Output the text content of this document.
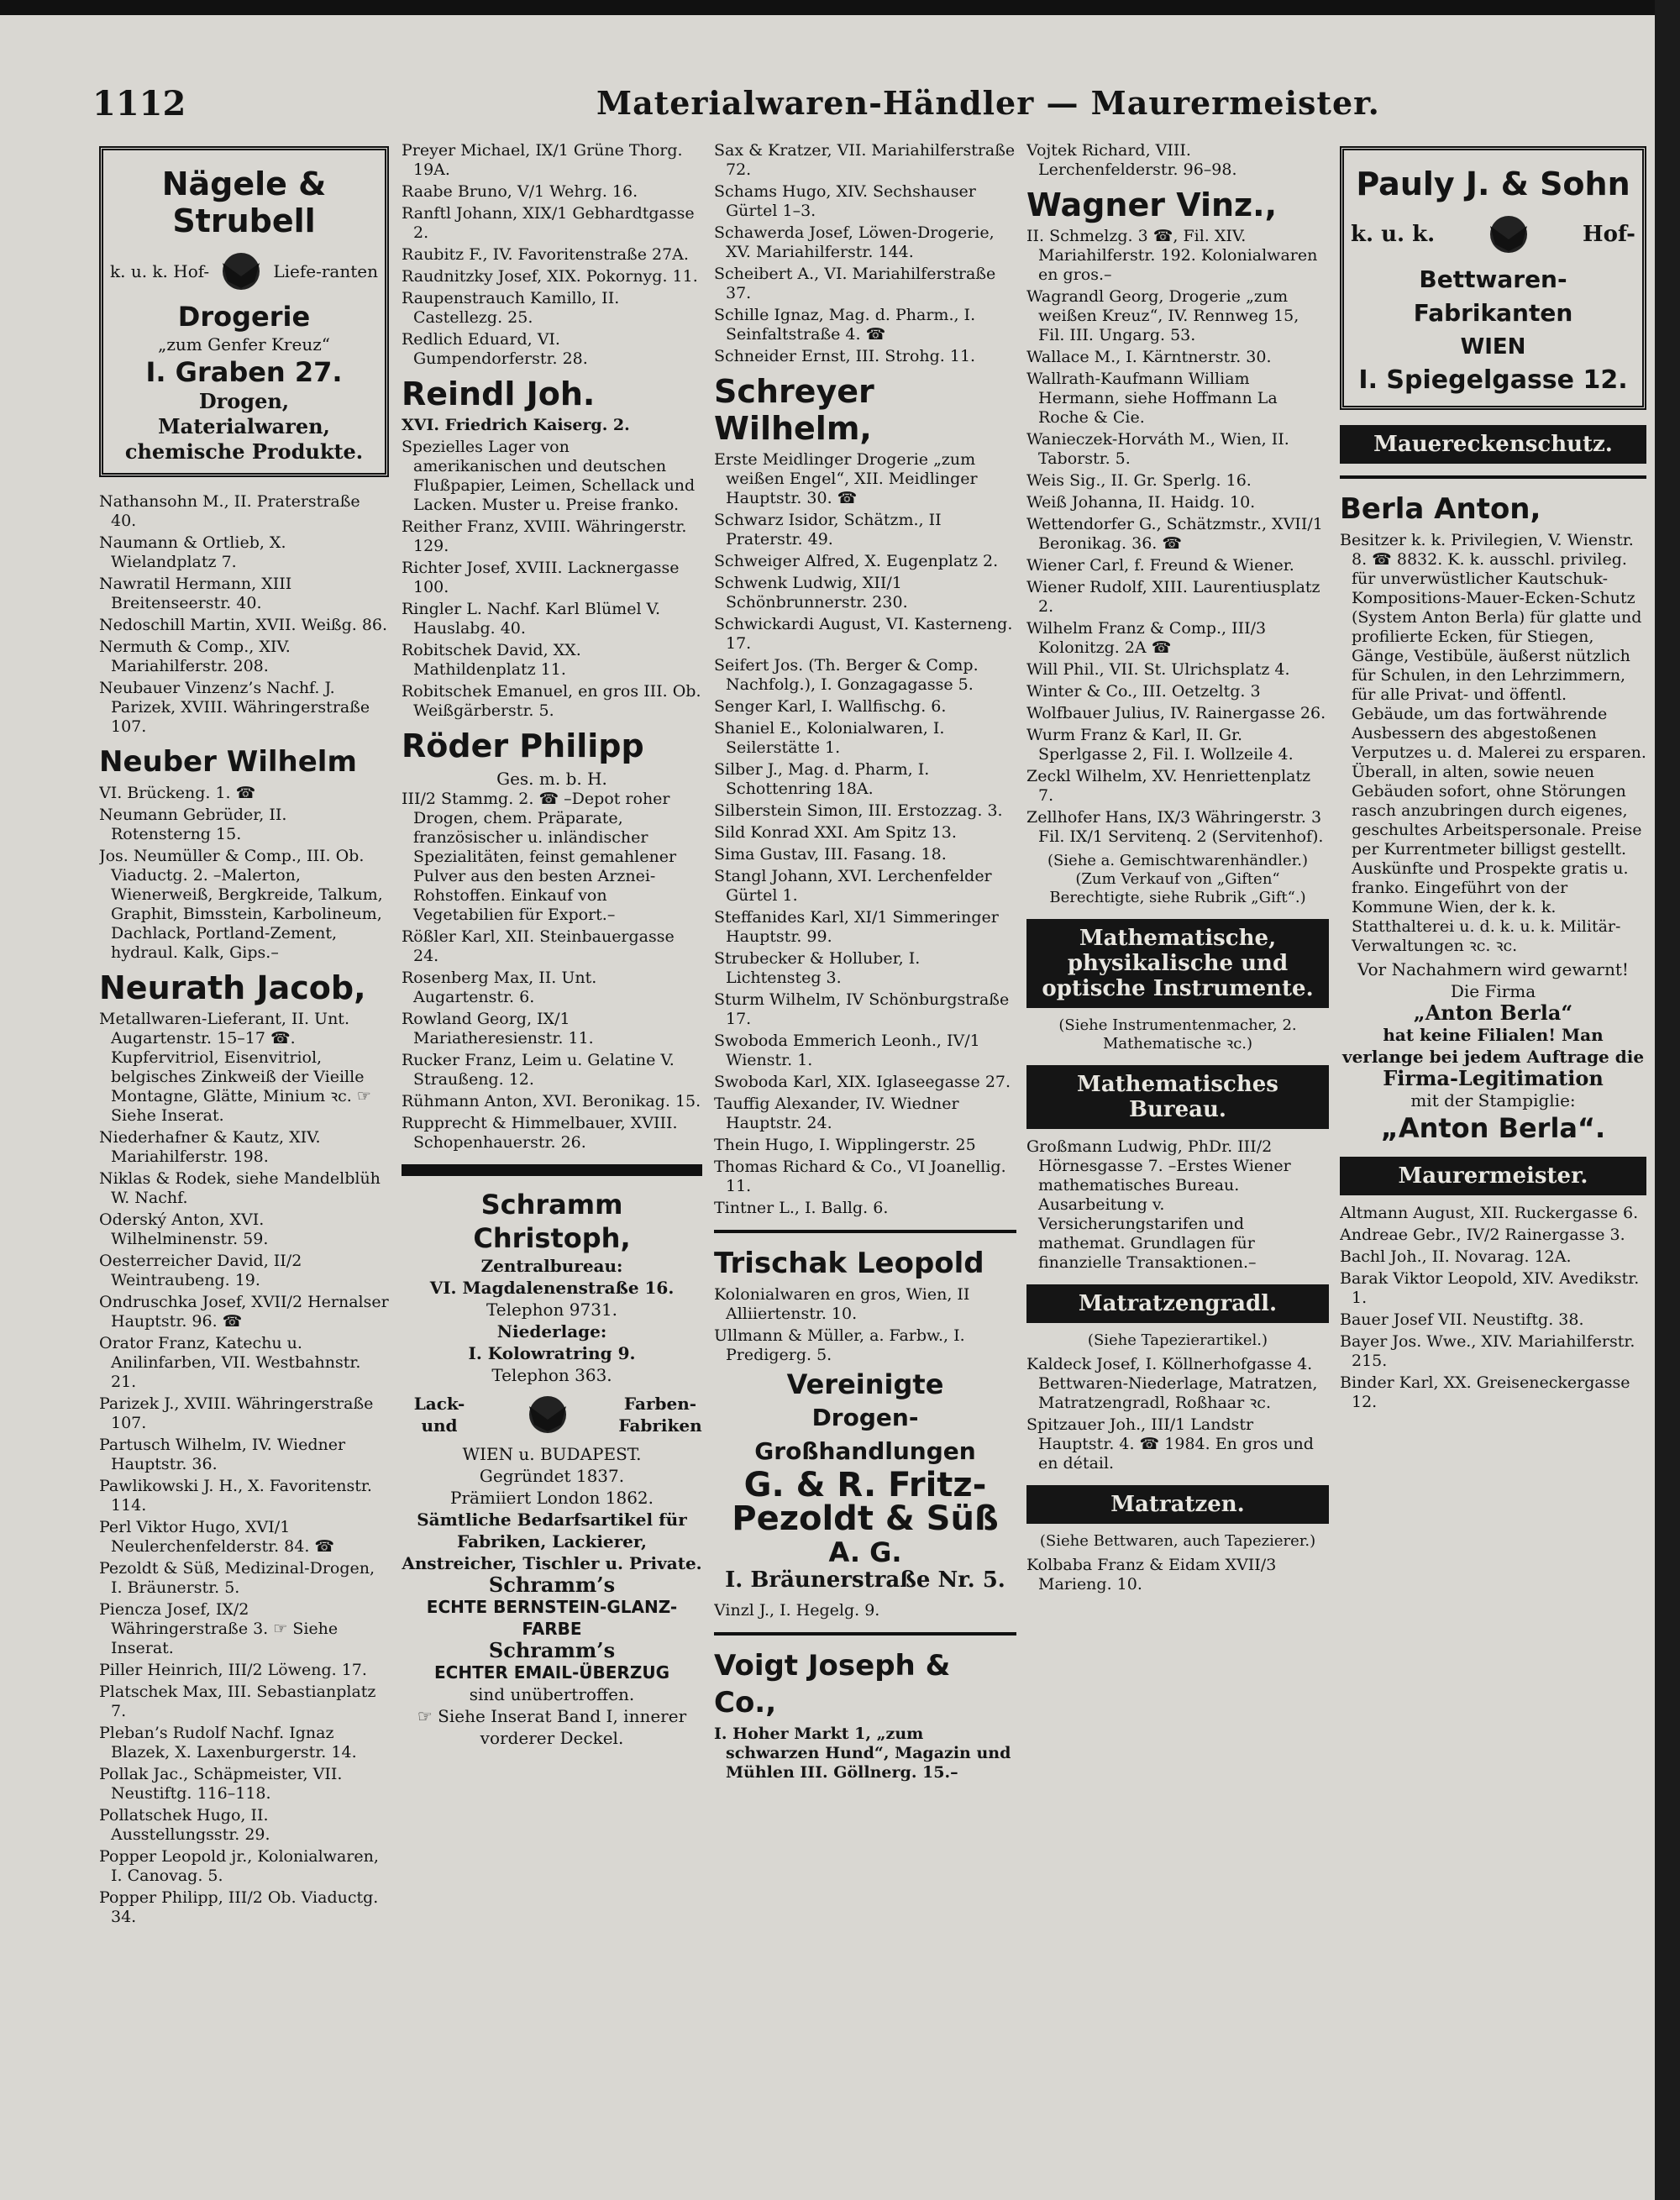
1112	Materialwaren-Händler — Maurermeister.
Nägele & Strubell
k. u. k. Hof-	Liefe-ranten
Drogerie
„zum Genfer Kreuz“
I. Graben 27.
Drogen, Materialwaren, chemische Produkte.
Nathansohn M., II. Praterstraße 40.
Naumann & Ortlieb, X. Wielandplatz 7.
Nawratil Hermann, XIII Breitenseerstr. 40.
Nedoschill Martin, XVII. Weißg. 86.
Nermuth & Comp., XIV. Mariahilferstr. 208.
Neubauer Vinzenz’s Nachf. J. Parizek, XVIII. Währingerstraße 107.
Neuber Wilhelm
VI. Brückeng. 1. ☎
Neumann Gebrüder, II. Rotensterng 15.
Jos. Neumüller & Comp., III. Ob. Viaductg. 2. –Malerton, Wienerweiß, Bergkreide, Talkum, Graphit, Bimsstein, Karbolineum, Dachlack, Portland-Zement, hydraul. Kalk, Gips.–
Neurath Jacob,
Metallwaren-Lieferant, II. Unt. Augartenstr. 15–17 ☎. Kupfervitriol, Eisenvitriol, belgisches Zinkweiß der Vieille Montagne, Glätte, Minium ꝛc. ☞ Siehe Inserat.
Niederhafner & Kautz, XIV. Mariahilferstr. 198.
Niklas & Rodek, siehe Mandelblüh W. Nachf.
Oderský Anton, XVI. Wilhelminenstr. 59.
Oesterreicher David, II/2 Weintraubeng. 19.
Ondruschka Josef, XVII/2 Hernalser Hauptstr. 96. ☎
Orator Franz, Katechu u. Anilinfarben, VII. Westbahnstr. 21.
Parizek J., XVIII. Währingerstraße 107.
Partusch Wilhelm, IV. Wiedner Hauptstr. 36.
Pawlikowski J. H., X. Favoritenstr. 114.
Perl Viktor Hugo, XVI/1 Neulerchenfelderstr. 84. ☎
Pezoldt & Süß, Medizinal-Drogen, I. Bräunerstr. 5.
Piencza Josef, IX/2 Währingerstraße 3. ☞ Siehe Inserat.
Piller Heinrich, III/2 Löweng. 17.
Platschek Max, III. Sebastianplatz 7.
Pleban’s Rudolf Nachf. Ignaz Blazek, X. Laxenburgerstr. 14.
Pollak Jac., Schäpmeister, VII. Neustiftg. 116–118.
Pollatschek Hugo, II. Ausstellungsstr. 29.
Popper Leopold jr., Kolonialwaren, I. Canovag. 5.
Popper Philipp, III/2 Ob. Viaductg. 34.
Preyer Michael, IX/1 Grüne Thorg. 19A.
Raabe Bruno, V/1 Wehrg. 16.
Ranftl Johann, XIX/1 Gebhardtgasse 2.
Raubitz F., IV. Favoritenstraße 27A.
Raudnitzky Josef, XIX. Pokornyg. 11.
Raupenstrauch Kamillo, II. Castellezg. 25.
Redlich Eduard, VI. Gumpendorferstr. 28.
Reindl Joh.
XVI. Friedrich Kaiserg. 2.
Spezielles Lager von amerikanischen und deutschen Flußpapier, Leimen, Schellack und Lacken. Muster u. Preise franko.
Reither Franz, XVIII. Währingerstr. 129.
Richter Josef, XVIII. Lacknergasse 100.
Ringler L. Nachf. Karl Blümel V. Hauslabg. 40.
Robitschek David, XX. Mathildenplatz 11.
Robitschek Emanuel, en gros III. Ob. Weißgärberstr. 5.
Röder Philipp
Ges. m. b. H.
III/2 Stammg. 2. ☎ –Depot roher Drogen, chem. Präparate, französischer u. inländischer Spezialitäten, feinst gemahlener Pulver aus den besten Arznei-Rohstoffen. Einkauf von Vegetabilien für Export.–
Rößler Karl, XII. Steinbauergasse 24.
Rosenberg Max, II. Unt. Augartenstr. 6.
Rowland Georg, IX/1 Mariatheresienstr. 11.
Rucker Franz, Leim u. Gelatine V. Straußeng. 12.
Rühmann Anton, XVI. Beronikag. 15.
Rupprecht & Himmelbauer, XVIII. Schopenhauerstr. 26.
Schramm Christoph,
Zentralbureau:
VI. Magdalenenstraße 16.
Telephon 9731.
Niederlage:
I. Kolowratring 9.
Telephon 363.
Lack- und
Farben-Fabriken
WIEN u. BUDAPEST.
Gegründet 1837.
Prämiiert London 1862.
Sämtliche Bedarfsartikel für Fabriken, Lackierer, Anstreicher, Tischler u. Private.
Schramm’s
ECHTE BERNSTEIN-GLANZ-FARBE
Schramm’s
ECHTER EMAIL-ÜBERZUG
sind unübertroffen.
☞ Siehe Inserat Band I, innerer vorderer Deckel.
Sax & Kratzer, VII. Mariahilferstraße 72.
Schams Hugo, XIV. Sechshauser Gürtel 1–3.
Schawerda Josef, Löwen-Drogerie, XV. Mariahilferstr. 144.
Scheibert A., VI. Mariahilferstraße 37.
Schille Ignaz, Mag. d. Pharm., I. Seinfaltstraße 4. ☎
Schneider Ernst, III. Strohg. 11.
Schreyer Wilhelm,
Erste Meidlinger Drogerie „zum weißen Engel“, XII. Meidlinger Hauptstr. 30. ☎
Schwarz Isidor, Schätzm., II Praterstr. 49.
Schweiger Alfred, X. Eugenplatz 2.
Schwenk Ludwig, XII/1 Schönbrunnerstr. 230.
Schwickardi August, VI. Kasterneng. 17.
Seifert Jos. (Th. Berger & Comp. Nachfolg.), I. Gonzagagasse 5.
Senger Karl, I. Wallfischg. 6.
Shaniel E., Kolonialwaren, I. Seilerstätte 1.
Silber J., Mag. d. Pharm, I. Schottenring 18A.
Silberstein Simon, III. Erstozzag. 3.
Sild Konrad XXI. Am Spitz 13.
Sima Gustav, III. Fasang. 18.
Stangl Johann, XVI. Lerchenfelder Gürtel 1.
Steffanides Karl, XI/1 Simmeringer Hauptstr. 99.
Strubecker & Holluber, I. Lichtensteg 3.
Sturm Wilhelm, IV Schönburgstraße 17.
Swoboda Emmerich Leonh., IV/1 Wienstr. 1.
Swoboda Karl, XIX. Iglaseegasse 27.
Tauffig Alexander, IV. Wiedner Hauptstr. 24.
Thein Hugo, I. Wipplingerstr. 25
Thomas Richard & Co., VI Joanellig. 11.
Tintner L., I. Ballg. 6.
Trischak Leopold
Kolonialwaren en gros, Wien, II Alliiertenstr. 10.
Ullmann & Müller, a. Farbw., I. Predigerg. 5.
Vereinigte
Drogen-Großhandlungen
G. & R. Fritz-
Pezoldt & Süß
A. G.
I. Bräunerstraße Nr. 5.
Vinzl J., I. Hegelg. 9.
Voigt Joseph & Co.,
I. Hoher Markt 1, „zum schwarzen Hund“, Magazin und Mühlen III. Göllnerg. 15.–
Vojtek Richard, VIII. Lerchenfelderstr. 96–98.
Wagner Vinz.,
II. Schmelzg. 3 ☎, Fil. XIV. Mariahilferstr. 192. Kolonialwaren en gros.–
Wagrandl Georg, Drogerie „zum weißen Kreuz“, IV. Rennweg 15, Fil. III. Ungarg. 53.
Wallace M., I. Kärntnerstr. 30.
Wallrath-Kaufmann William Hermann, siehe Hoffmann La Roche & Cie.
Wanieczek-Horváth M., Wien, II. Taborstr. 5.
Weis Sig., II. Gr. Sperlg. 16.
Weiß Johanna, II. Haidg. 10.
Wettendorfer G., Schätzmstr., XVII/1 Beronikag. 36. ☎
Wiener Carl, f. Freund & Wiener.
Wiener Rudolf, XIII. Laurentiusplatz 2.
Wilhelm Franz & Comp., III/3 Kolonitzg. 2A ☎
Will Phil., VII. St. Ulrichsplatz 4.
Winter & Co., III. Oetzeltg. 3
Wolfbauer Julius, IV. Rainergasse 26.
Wurm Franz & Karl, II. Gr. Sperlgasse 2, Fil. I. Wollzeile 4.
Zeckl Wilhelm, XV. Henriettenplatz 7.
Zellhofer Hans, IX/3 Währingerstr. 3 Fil. IX/1 Servitenq. 2 (Servitenhof).
(Siehe a. Gemischtwarenhändler.) (Zum Verkauf von „Giften“ Berechtigte, siehe Rubrik „Gift“.)
Mathematische, physikalische und optische Instrumente.
(Siehe Instrumentenmacher, 2. Mathematische ꝛc.)
Mathematisches Bureau.
Großmann Ludwig, PhDr. III/2 Hörnesgasse 7. –Erstes Wiener mathematisches Bureau. Ausarbeitung v. Versicherungstarifen und mathemat. Grundlagen für finanzielle Transaktionen.–
Matratzengradl.
(Siehe Tapezierartikel.)
Kaldeck Josef, I. Köllnerhofgasse 4. Bettwaren-Niederlage, Matratzen, Matratzengradl, Roßhaar ꝛc.
Spitzauer Joh., III/1 Landstr Hauptstr. 4. ☎ 1984. En gros und en détail.
Matratzen.
(Siehe Bettwaren, auch Tapezierer.)
Kolbaba Franz & Eidam XVII/3 Marieng. 10.
Pauly J. & Sohn
k. u. k.	Hof-
Bettwaren-Fabrikanten
WIEN
I. Spiegelgasse 12.
Mauereckenschutz.
Berla Anton,
Besitzer k. k. Privilegien, V. Wienstr. 8. ☎ 8832. K. k. ausschl. privileg. für unverwüstlicher Kautschuk-Kompositions-Mauer-Ecken-Schutz (System Anton Berla) für glatte und profilierte Ecken, für Stiegen, Gänge, Vestibüle, äußerst nützlich für Schulen, in den Lehrzimmern, für alle Privat- und öffentl. Gebäude, um das fortwährende Ausbessern des abgestoßenen Verputzes u. d. Malerei zu ersparen. Überall, in alten, sowie neuen Gebäuden sofort, ohne Störungen rasch anzubringen durch eigenes, geschultes Arbeitspersonale. Preise per Kurrentmeter billigst gestellt. Auskünfte und Prospekte gratis u. franko. Eingeführt von der Kommune Wien, der k. k. Statthalterei u. d. k. u. k. Militär-Verwaltungen ꝛc. ꝛc.
Vor Nachahmern wird gewarnt!
Die Firma
„Anton Berla“
hat keine Filialen! Man verlange bei jedem Auftrage die
Firma-Legitimation
mit der Stampiglie:
„Anton Berla“.
Maurermeister.
Altmann August, XII. Ruckergasse 6.
Andreae Gebr., IV/2 Rainergasse 3.
Bachl Joh., II. Novarag. 12A.
Barak Viktor Leopold, XIV. Avedikstr. 1.
Bauer Josef VII. Neustiftg. 38.
Bayer Jos. Wwe., XIV. Mariahilferstr. 215.
Binder Karl, XX. Greiseneckergasse 12.
